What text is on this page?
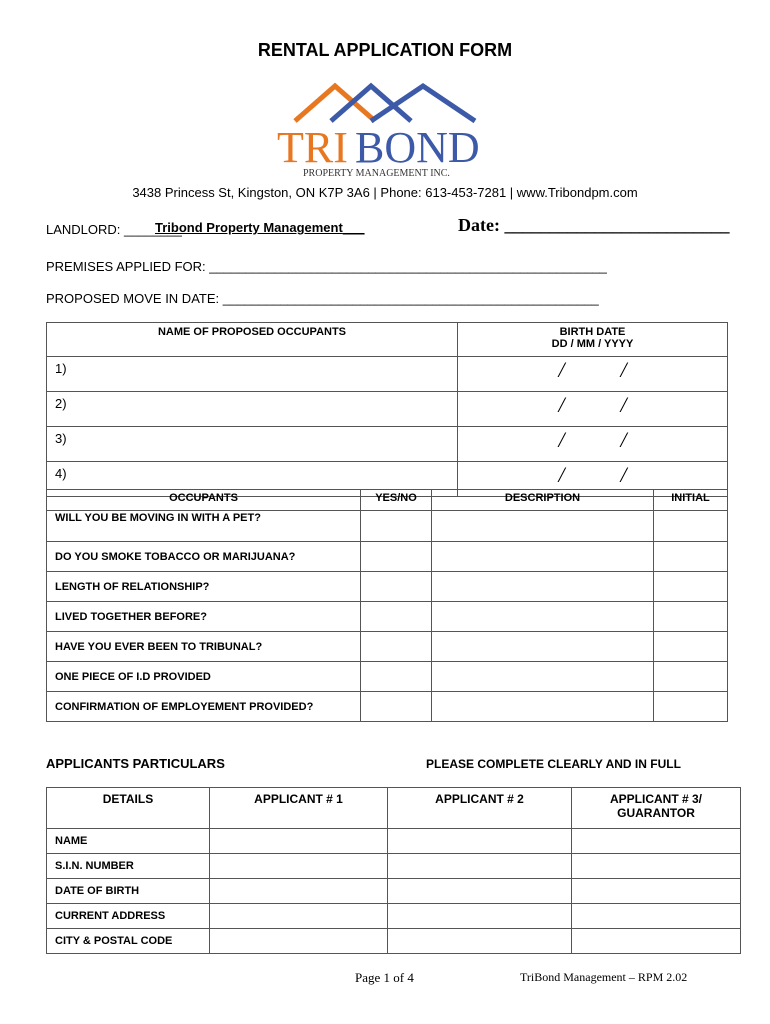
RENTAL APPLICATION FORM
TRI BOND
PROPERTY MANAGEMENT INC.
3438 Princess St, Kingston, ON K7P 3A6 | Phone: 613-453-7281 | www.Tribondpm.com
LANDLORD: ________
Tribond Property Management___	Date: _________________________
PREMISES APPLIED FOR: _______________________________________________________
PROPOSED MOVE IN DATE: ____________________________________________________
NAME OF PROPOSED OCCUPANTS	BIRTH DATE
DD / MM / YYYY

1)	/ /
2)	/ /
3)	/ /
4)	/ /
OCCUPANTS	YES/NO	DESCRIPTION	INITIAL
WILL YOU BE MOVING IN WITH A PET?			
DO YOU SMOKE TOBACCO OR MARIJUANA?			
LENGTH OF RELATIONSHIP?			
LIVED TOGETHER BEFORE?			
HAVE YOU EVER BEEN TO TRIBUNAL?			
ONE PIECE OF I.D PROVIDED			
CONFIRMATION OF EMPLOYEMENT PROVIDED?			
APPLICANTS PARTICULARS	PLEASE COMPLETE CLEARLY AND IN FULL
DETAILS	APPLICANT # 1	APPLICANT # 2	APPLICANT # 3/
GUARANTOR

NAME			
S.I.N. NUMBER			
DATE OF BIRTH			
CURRENT ADDRESS			
CITY & POSTAL CODE			
Page 1 of 4	TriBond Management – RPM 2.02
